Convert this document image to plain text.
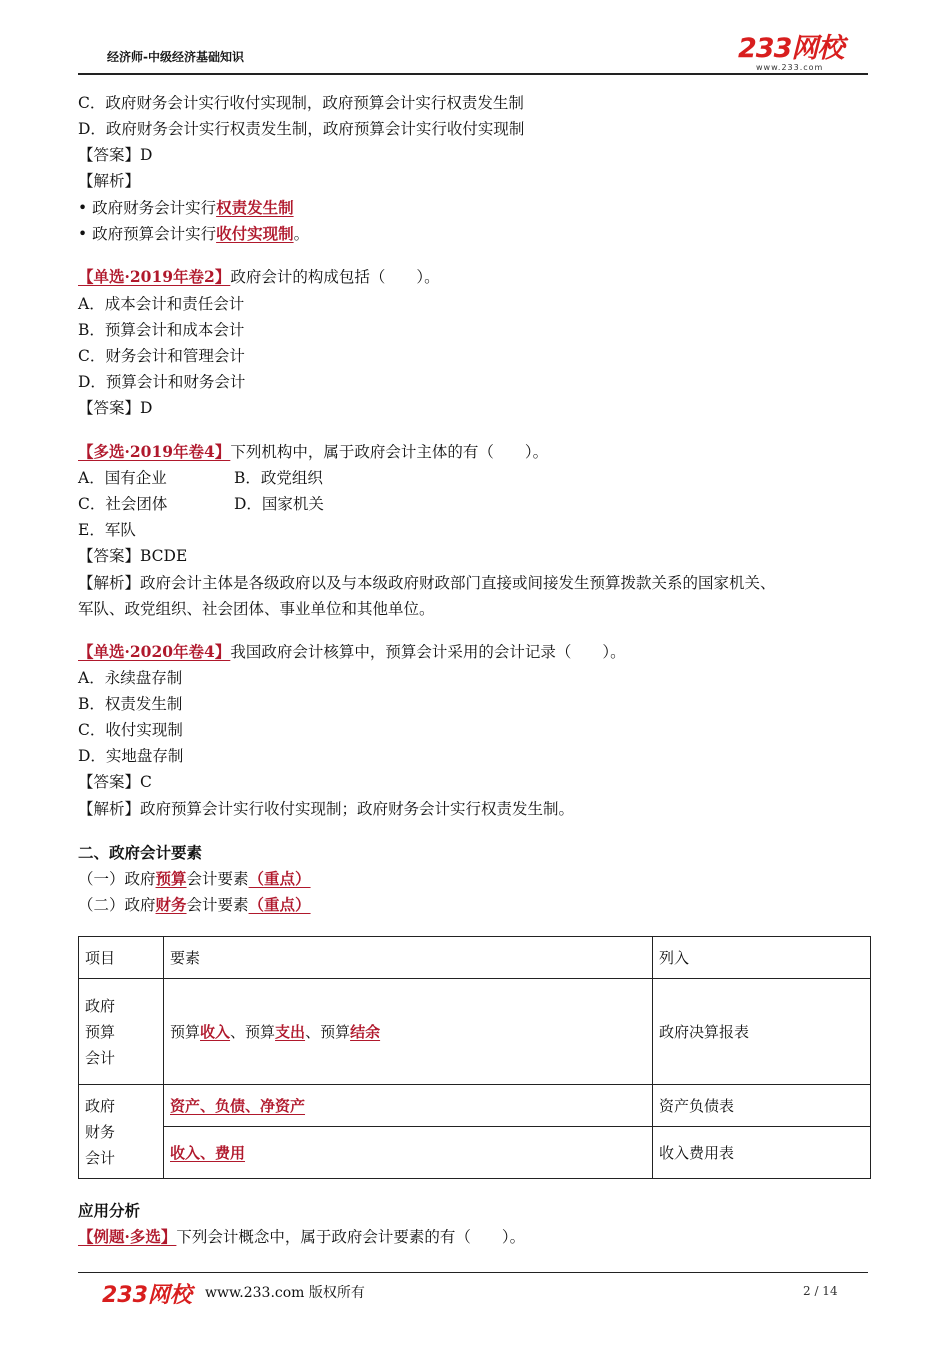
经济师-中级经济基础知识	233网校
www.233.com
C．政府财务会计实行收付实现制，政府预算会计实行权责发生制
D．政府财务会计实行权责发生制，政府预算会计实行收付实现制
【答案】D
【解析】
• 政府财务会计实行权责发生制
• 政府预算会计实行收付实现制。
【单选·2019年卷2】政府会计的构成包括（　　）。
A．成本会计和责任会计
B．预算会计和成本会计
C．财务会计和管理会计
D．预算会计和财务会计
【答案】D
【多选·2019年卷4】下列机构中，属于政府会计主体的有（　　）。
A．国有企业	B．政党组织
C．社会团体	D．国家机关
E．军队
【答案】BCDE
【解析】政府会计主体是各级政府以及与本级政府财政部门直接或间接发生预算拨款关系的国家机关、
军队、政党组织、社会团体、事业单位和其他单位。
【单选·2020年卷4】我国政府会计核算中，预算会计采用的会计记录（　　）。
A．永续盘存制
B．权责发生制
C．收付实现制
D．实地盘存制
【答案】C
【解析】政府预算会计实行收付实现制；政府财务会计实行权责发生制。
二、政府会计要素
（一）政府预算会计要素（重点）
（二）政府财务会计要素（重点）
项目	要素	列入

政府
预算
会计	预算收入、预算支出、预算结余	政府决算报表

政府
财务
会计	资产、负债、净资产	资产负债表
	收入、费用	收入费用表
应用分析
【例题·多选】下列会计概念中，属于政府会计要素的有（　　）。
233网校 www.233.com 版权所有	2 / 14
